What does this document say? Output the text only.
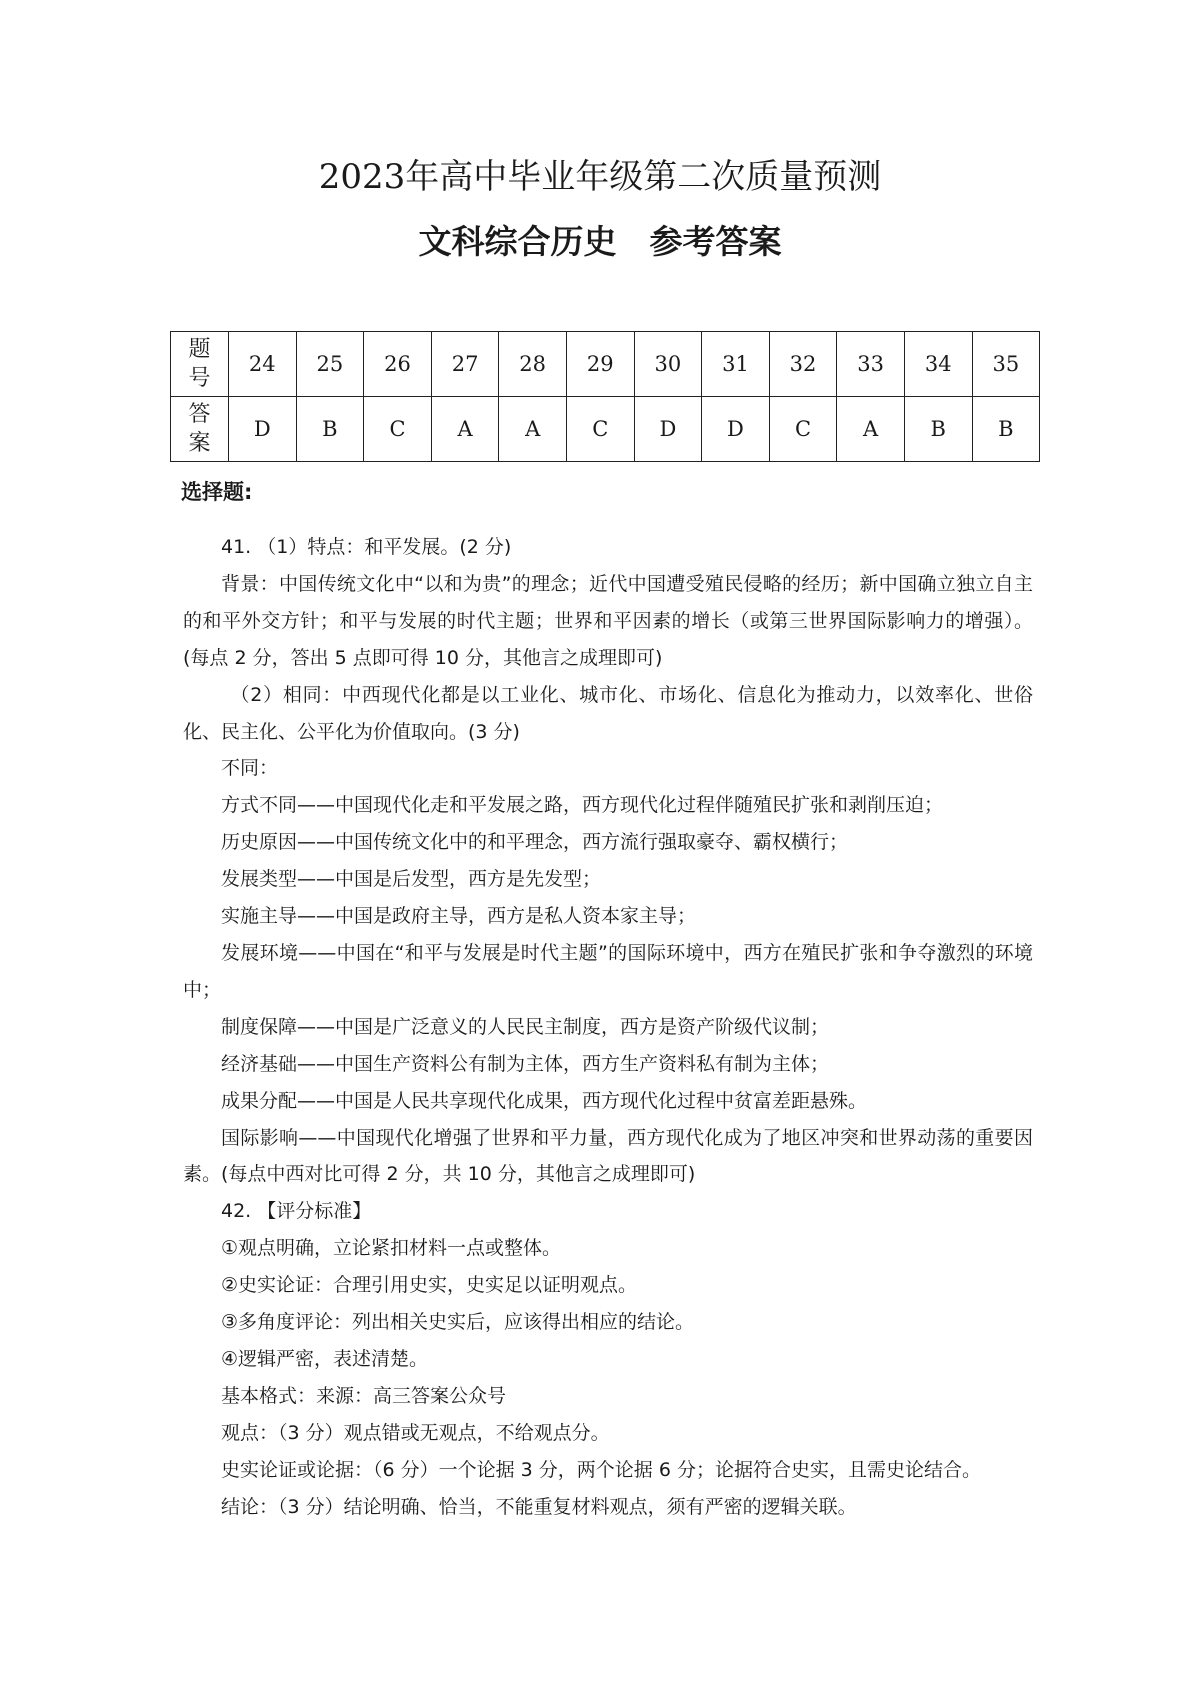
2023年高中毕业年级第二次质量预测
文科综合历史　参考答案
题
号	24	25	26	27	28	29	30	31	32	33	34	35

答
案	D	B	C	A	A	C	D	D	C	A	B	B
选择题:

41. （1）特点：和平发展。(2 分)

背景：中国传统文化中“以和为贵”的理念；近代中国遭受殖民侵略的经历；新中国确立独立自主的和平外交方针；和平与发展的时代主题；世界和平因素的增长（或第三世界国际影响力的增强）。(每点 2 分，答出 5 点即可得 10 分，其他言之成理即可)

（2）相同：中西现代化都是以工业化、城市化、市场化、信息化为推动力，以效率化、世俗化、民主化、公平化为价值取向。(3 分)

不同：

方式不同——中国现代化走和平发展之路，西方现代化过程伴随殖民扩张和剥削压迫；

历史原因——中国传统文化中的和平理念，西方流行强取豪夺、霸权横行；

发展类型——中国是后发型，西方是先发型；

实施主导——中国是政府主导，西方是私人资本家主导；

发展环境——中国在“和平与发展是时代主题”的国际环境中，西方在殖民扩张和争夺激烈的环境中；

制度保障——中国是广泛意义的人民民主制度，西方是资产阶级代议制；

经济基础——中国生产资料公有制为主体，西方生产资料私有制为主体；

成果分配——中国是人民共享现代化成果，西方现代化过程中贫富差距悬殊。

国际影响——中国现代化增强了世界和平力量，西方现代化成为了地区冲突和世界动荡的重要因素。(每点中西对比可得 2 分，共 10 分，其他言之成理即可)

42. 【评分标准】

①观点明确，立论紧扣材料一点或整体。

②史实论证：合理引用史实，史实足以证明观点。

③多角度评论：列出相关史实后，应该得出相应的结论。

④逻辑严密，表述清楚。

基本格式：来源：高三答案公众号

观点：（3 分）观点错或无观点，不给观点分。

史实论证或论据：（6 分）一个论据 3 分，两个论据 6 分；论据符合史实，且需史论结合。

结论：（3 分）结论明确、恰当，不能重复材料观点，须有严密的逻辑关联。
